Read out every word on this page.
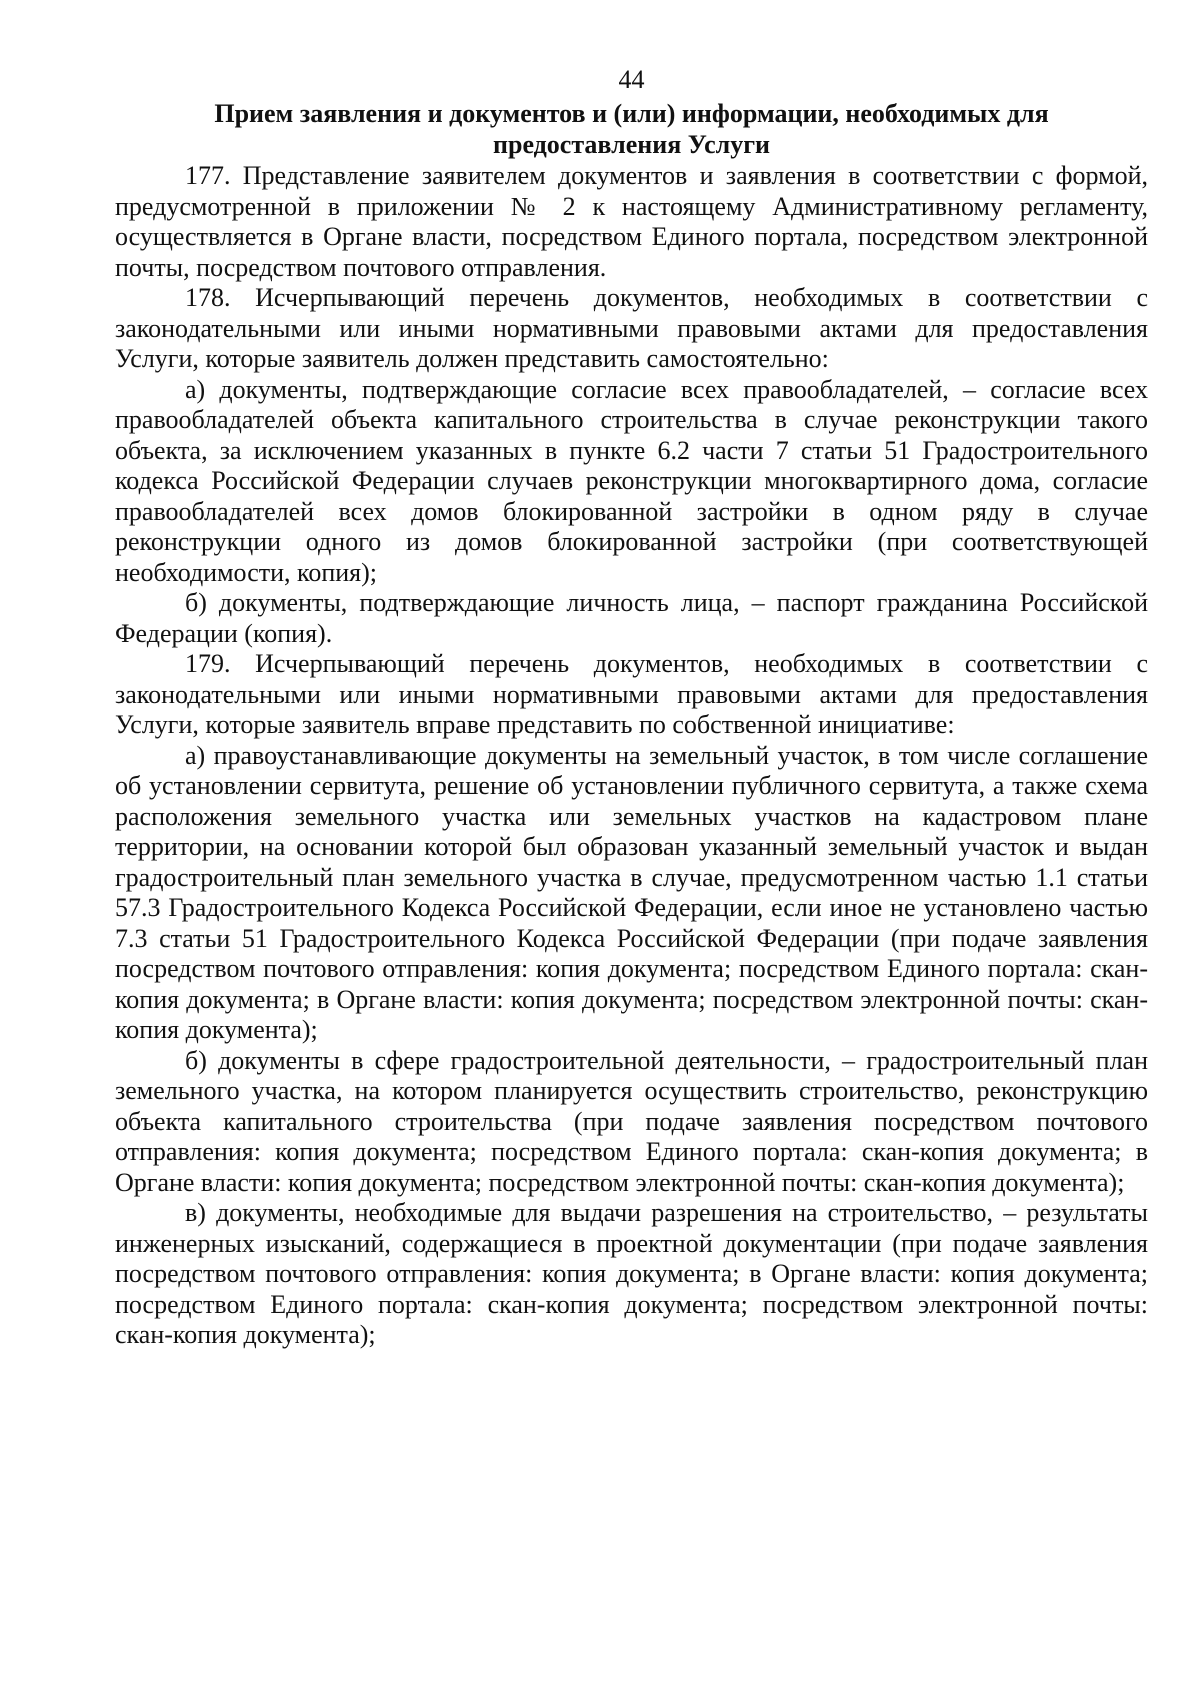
44
Прием заявления и документов и (или) информации, необходимых для предоставления Услуги

177. Представление заявителем документов и заявления в соответствии с формой, предусмотренной в приложении № 2 к настоящему Административному регламенту, осуществляется в Органе власти, посредством Единого портала, посредством электронной почты, посредством почтового отправления.

178. Исчерпывающий перечень документов, необходимых в соответствии с законодательными или иными нормативными правовыми актами для предоставления Услуги, которые заявитель должен представить самостоятельно:

а) документы, подтверждающие согласие всех правообладателей, – согласие всех правообладателей объекта капитального строительства в случае реконструкции такого объекта, за исключением указанных в пункте 6.2 части 7 статьи 51 Градостроительного кодекса Российской Федерации случаев реконструкции многоквартирного дома, согласие правообладателей всех домов блокированной застройки в одном ряду в случае реконструкции одного из домов блокированной застройки (при соответствующей необходимости, копия);

б) документы, подтверждающие личность лица, – паспорт гражданина Российской Федерации (копия).

179. Исчерпывающий перечень документов, необходимых в соответствии с законодательными или иными нормативными правовыми актами для предоставления Услуги, которые заявитель вправе представить по собственной инициативе:

а) правоустанавливающие документы на земельный участок, в том числе соглашение об установлении сервитута, решение об установлении публичного сервитута, а также схема расположения земельного участка или земельных участков на кадастровом плане территории, на основании которой был образован указанный земельный участок и выдан градостроительный план земельного участка в случае, предусмотренном частью 1.1 статьи 57.3 Градостроительного Кодекса Российской Федерации, если иное не установлено частью 7.3 статьи 51 Градостроительного Кодекса Российской Федерации (при подаче заявления посредством почтового отправления: копия документа; посредством Единого портала: скан-копия документа; в Органе власти: копия документа; посредством электронной почты: скан-копия документа);

б) документы в сфере градостроительной деятельности, – градостроительный план земельного участка, на котором планируется осуществить строительство, реконструкцию объекта капитального строительства (при подаче заявления посредством почтового отправления: копия документа; посредством Единого портала: скан-копия документа; в Органе власти: копия документа; посредством электронной почты: скан-копия документа);

в) документы, необходимые для выдачи разрешения на строительство, – результаты инженерных изысканий, содержащиеся в проектной документации (при подаче заявления посредством почтового отправления: копия документа; в Органе власти: копия документа; посредством Единого портала: скан-копия документа; посредством электронной почты: скан-копия документа);
